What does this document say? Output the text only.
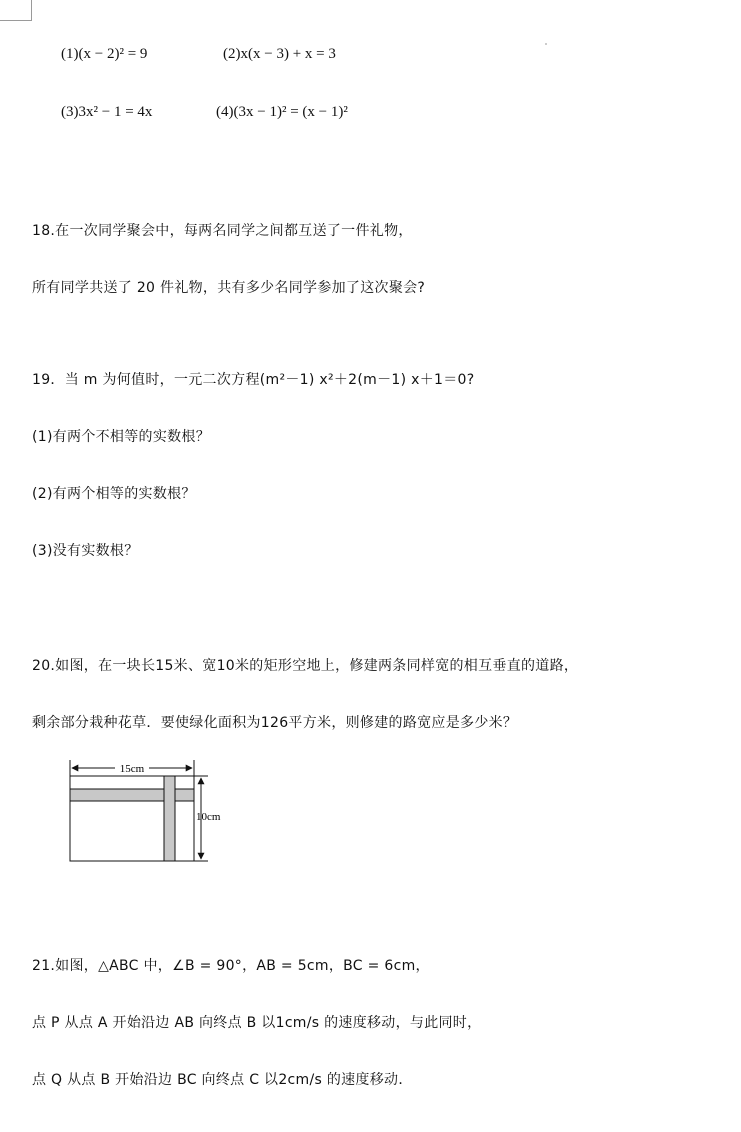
(1)(x − 2)² = 9	(2)x(x − 3) + x = 3
(3)3x² − 1 = 4x	(4)(3x − 1)² = (x − 1)²
18.在一次同学聚会中，每两名同学之间都互送了一件礼物，
所有同学共送了 20 件礼物，共有多少名同学参加了这次聚会?
19．当 m 为何值时，一元二次方程(m²－1) x²＋2(m－1) x＋1＝0?
(1)有两个不相等的实数根？
(2)有两个相等的实数根？
(3)没有实数根？
20.如图，在一块长15米、宽10米的矩形空地上，修建两条同样宽的相互垂直的道路，
剩余部分栽种花草．要使绿化面积为126平方米，则修建的路宽应是多少米？
15cm
10cm
21.如图，△ABC 中，∠B = 90°，AB = 5cm，BC = 6cm，
点 P 从点 A 开始沿边 AB 向终点 B 以1cm/s 的速度移动，与此同时，
点 Q 从点 B 开始沿边 BC 向终点 C 以2cm/s 的速度移动．
